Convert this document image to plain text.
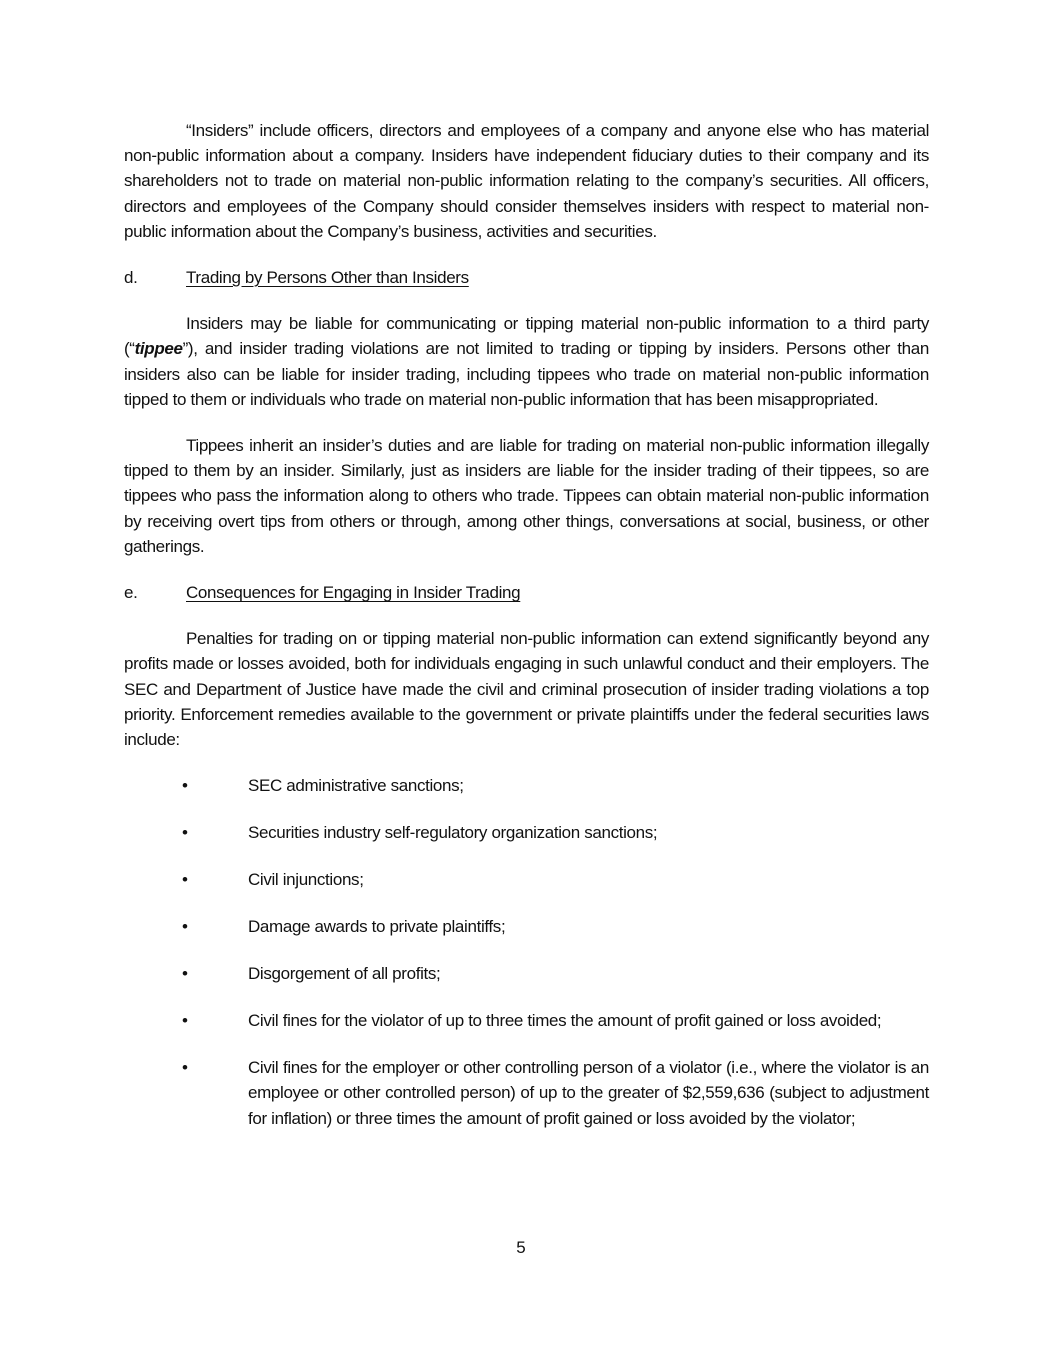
“Insiders” include officers, directors and employees of a company and anyone else who has material non-public information about a company. Insiders have independent fiduciary duties to their company and its shareholders not to trade on material non-public information relating to the company’s securities. All officers, directors and employees of the Company should consider themselves insiders with respect to material non-public information about the Company’s business, activities and securities.

d.	Trading by Persons Other than Insiders

Insiders may be liable for communicating or tipping material non-public information to a third party (“tippee”), and insider trading violations are not limited to trading or tipping by insiders. Persons other than insiders also can be liable for insider trading, including tippees who trade on material non-public information tipped to them or individuals who trade on material non-public information that has been misappropriated.

Tippees inherit an insider’s duties and are liable for trading on material non-public information illegally tipped to them by an insider. Similarly, just as insiders are liable for the insider trading of their tippees, so are tippees who pass the information along to others who trade. Tippees can obtain material non-public information by receiving overt tips from others or through, among other things, conversations at social, business, or other gatherings.

e.	Consequences for Engaging in Insider Trading

Penalties for trading on or tipping material non-public information can extend significantly beyond any profits made or losses avoided, both for individuals engaging in such unlawful conduct and their employers. The SEC and Department of Justice have made the civil and criminal prosecution of insider trading violations a top priority. Enforcement remedies available to the government or private plaintiffs under the federal securities laws include:

•	SEC administrative sanctions;
•	Securities industry self-regulatory organization sanctions;
•	Civil injunctions;
•	Damage awards to private plaintiffs;
•	Disgorgement of all profits;
•	Civil fines for the violator of up to three times the amount of profit gained or loss avoided;
•	Civil fines for the employer or other controlling person of a violator (i.e., where the violator is an employee or other controlled person) of up to the greater of $2,559,636 (subject to adjustment for inflation) or three times the amount of profit gained or loss avoided by the violator;
5
